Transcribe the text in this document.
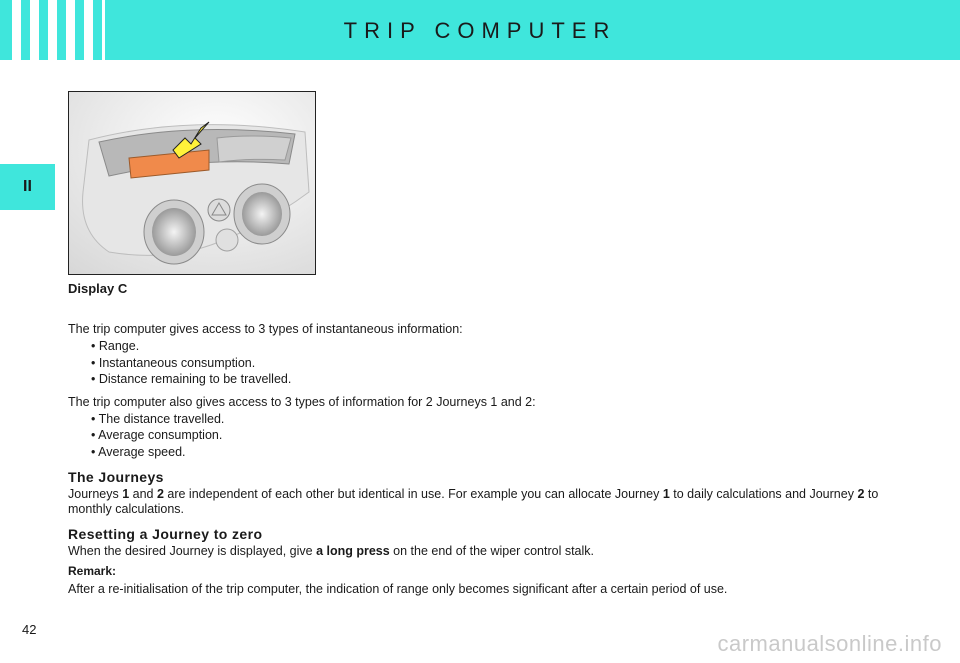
TRIP COMPUTER
II
Display C

The trip computer gives access to 3 types of instantaneous information:

• Range.
• Instantaneous consumption.
• Distance remaining to be travelled.

The trip computer also gives access to 3 types of information for 2 Journeys 1 and 2:

• The distance travelled.
• Average consumption.
• Average speed.
The Journeys

Journeys 1 and 2 are independent of each other but identical in use. For example you can allocate Journey 1 to daily calculations and Journey 2 to monthly calculations.

Resetting a Journey to zero

When the desired Journey is displayed, give a long press on the end of the wiper control stalk.

Remark:

After a re-initialisation of the trip computer, the indication of range only becomes significant after a certain period of use.

42
carmanualsonline.info
